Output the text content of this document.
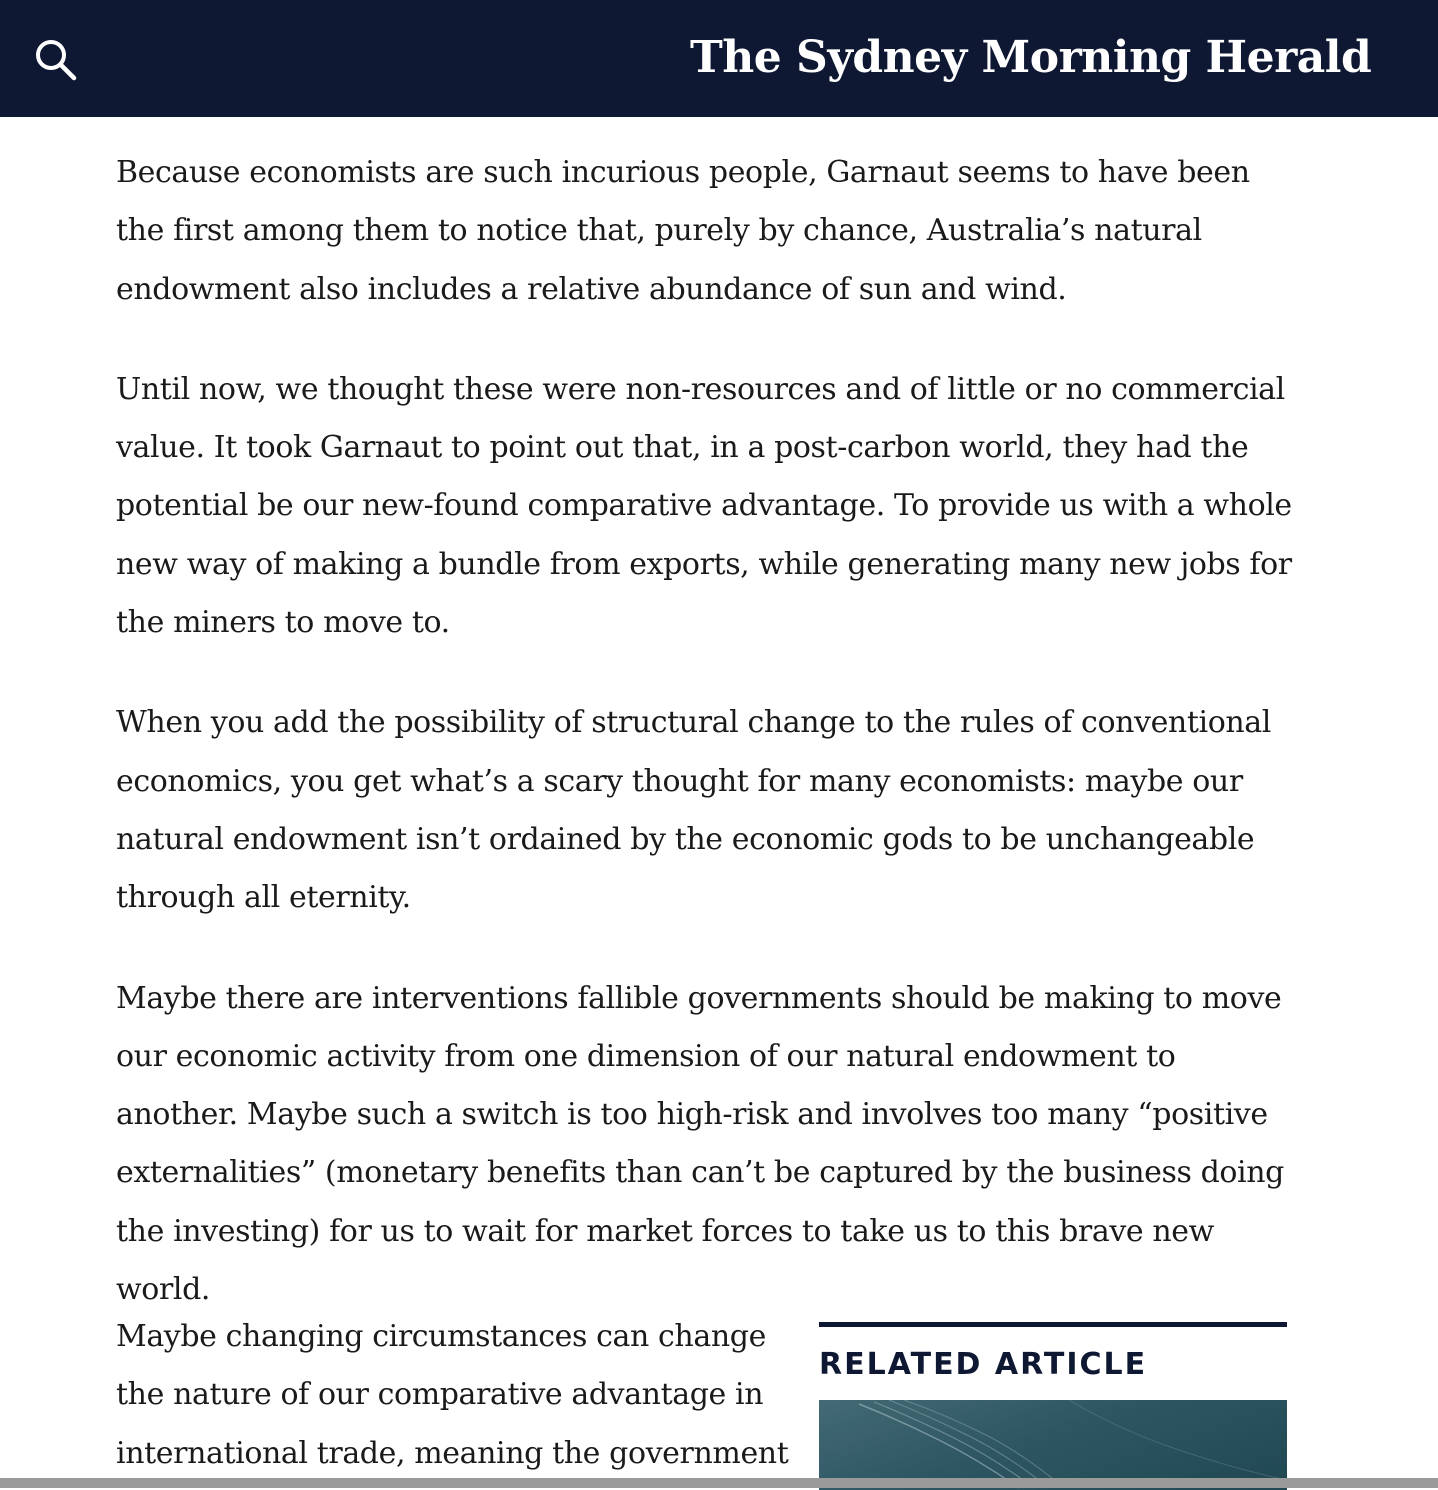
The Sydney Morning Herald

Because economists are such incurious people, Garnaut seems to have been the first among them to notice that, purely by chance, Australia’s natural endowment also includes a relative abundance of sun and wind.

Until now, we thought these were non-resources and of little or no commercial value. It took Garnaut to point out that, in a post-carbon world, they had the potential be our new-found comparative advantage. To provide us with a whole new way of making a bundle from exports, while generating many new jobs for the miners to move to.

When you add the possibility of structural change to the rules of conventional economics, you get what’s a scary thought for many economists: maybe our natural endowment isn’t ordained by the economic gods to be unchangeable through all eternity.

Maybe there are interventions fallible governments should be making to move our economic activity from one dimension of our natural endowment to another. Maybe such a switch is too high-risk and involves too many “positive externalities” (monetary benefits than can’t be captured by the business doing the investing) for us to wait for market forces to take us to this brave new world.

Maybe changing circumstances can change the nature of our comparative advantage in international trade, meaning the government

RELATED ARTICLE
